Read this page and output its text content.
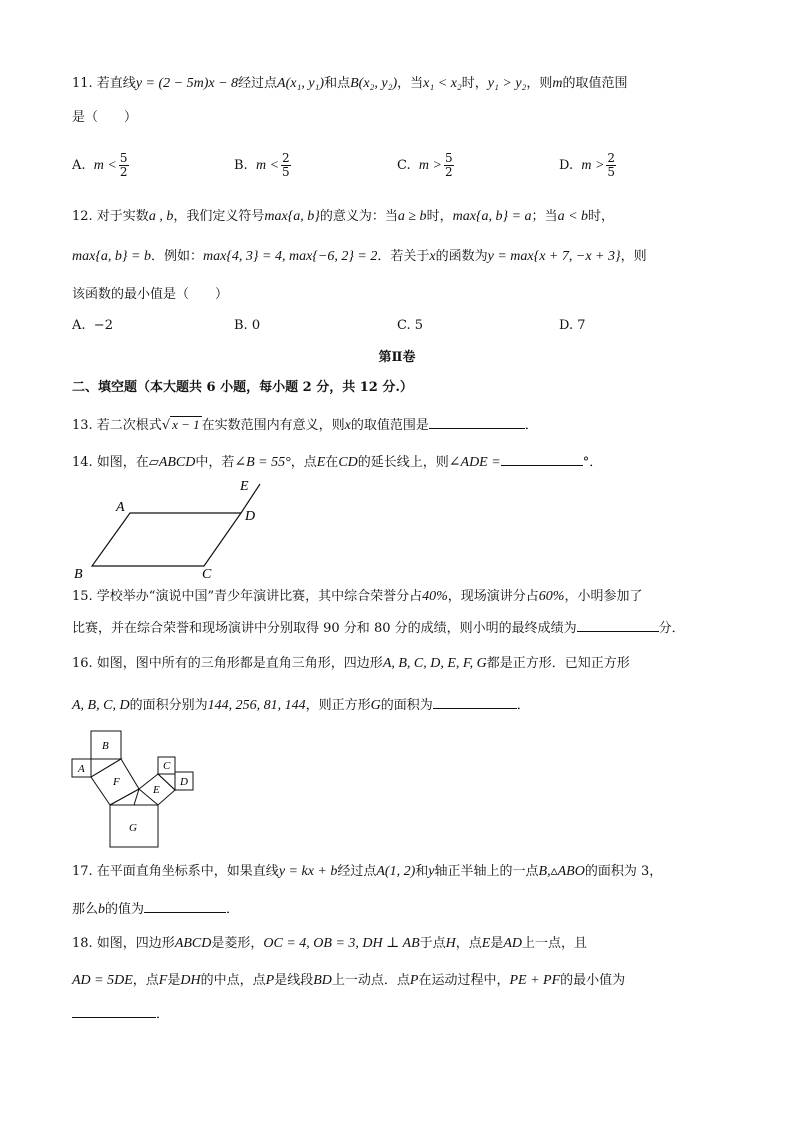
11. 若直线y = (2 − 5m)x − 8经过点A(x₁, y₁)和点B(x₂, y₂)，当x₁ < x₂时，y₁ > y₂，则m的取值范围
是（　　）
A. $m < \frac{5}{2}$	B. $m < \frac{2}{5}$	C. $m > \frac{5}{2}$	D. $m > \frac{2}{5}$
12. 对于实数a , b，我们定义符号max{a, b}的意义为：当a ≥ b时，max{a, b} = a；当a < b时，
max{a, b} = b．例如：max{4, 3} = 4, max{−6, 2} = 2．若关于x的函数为y = max{x + 7, −x + 3}，则
该函数的最小值是（　　）
A. −2	B. 0	C. 5	D. 7
第Ⅱ卷
二、填空题（本大题共 6 小题，每小题 2 分，共 12 分.）
13. 若二次根式√ x − 1 在实数范围内有意义，则x的取值范围是	．
14. 如图，在▱ABCD中，若∠B = 55°，点E在CD的延长线上，则∠ADE =	°．
A
B	C
D
E
15. 学校举办“演说中国”青少年演讲比赛，其中综合荣誉分占40%，现场演讲分占60%，小明参加了
比赛，并在综合荣誉和现场演讲中分别取得 90 分和 80 分的成绩，则小明的最终成绩为	分．
16. 如图，图中所有的三角形都是直角三角形，四边形A, B, C, D, E, F, G都是正方形．已知正方形
A, B, C, D的面积分别为144, 256, 81, 144，则正方形G的面积为	．
B
A
F
C
D
E
G
17. 在平面直角坐标系中，如果直线y = kx + b经过点A(1, 2)和y轴正半轴上的一点B,▵ABO的面积为 3，
那么b的值为	．
18. 如图，四边形ABCD是菱形，OC = 4, OB = 3, DH ⊥ AB于点H，点E是AD上一点，且
AD = 5DE，点F是DH的中点，点P是线段BD上一动点．点P在运动过程中，PE + PF的最小值为
．
